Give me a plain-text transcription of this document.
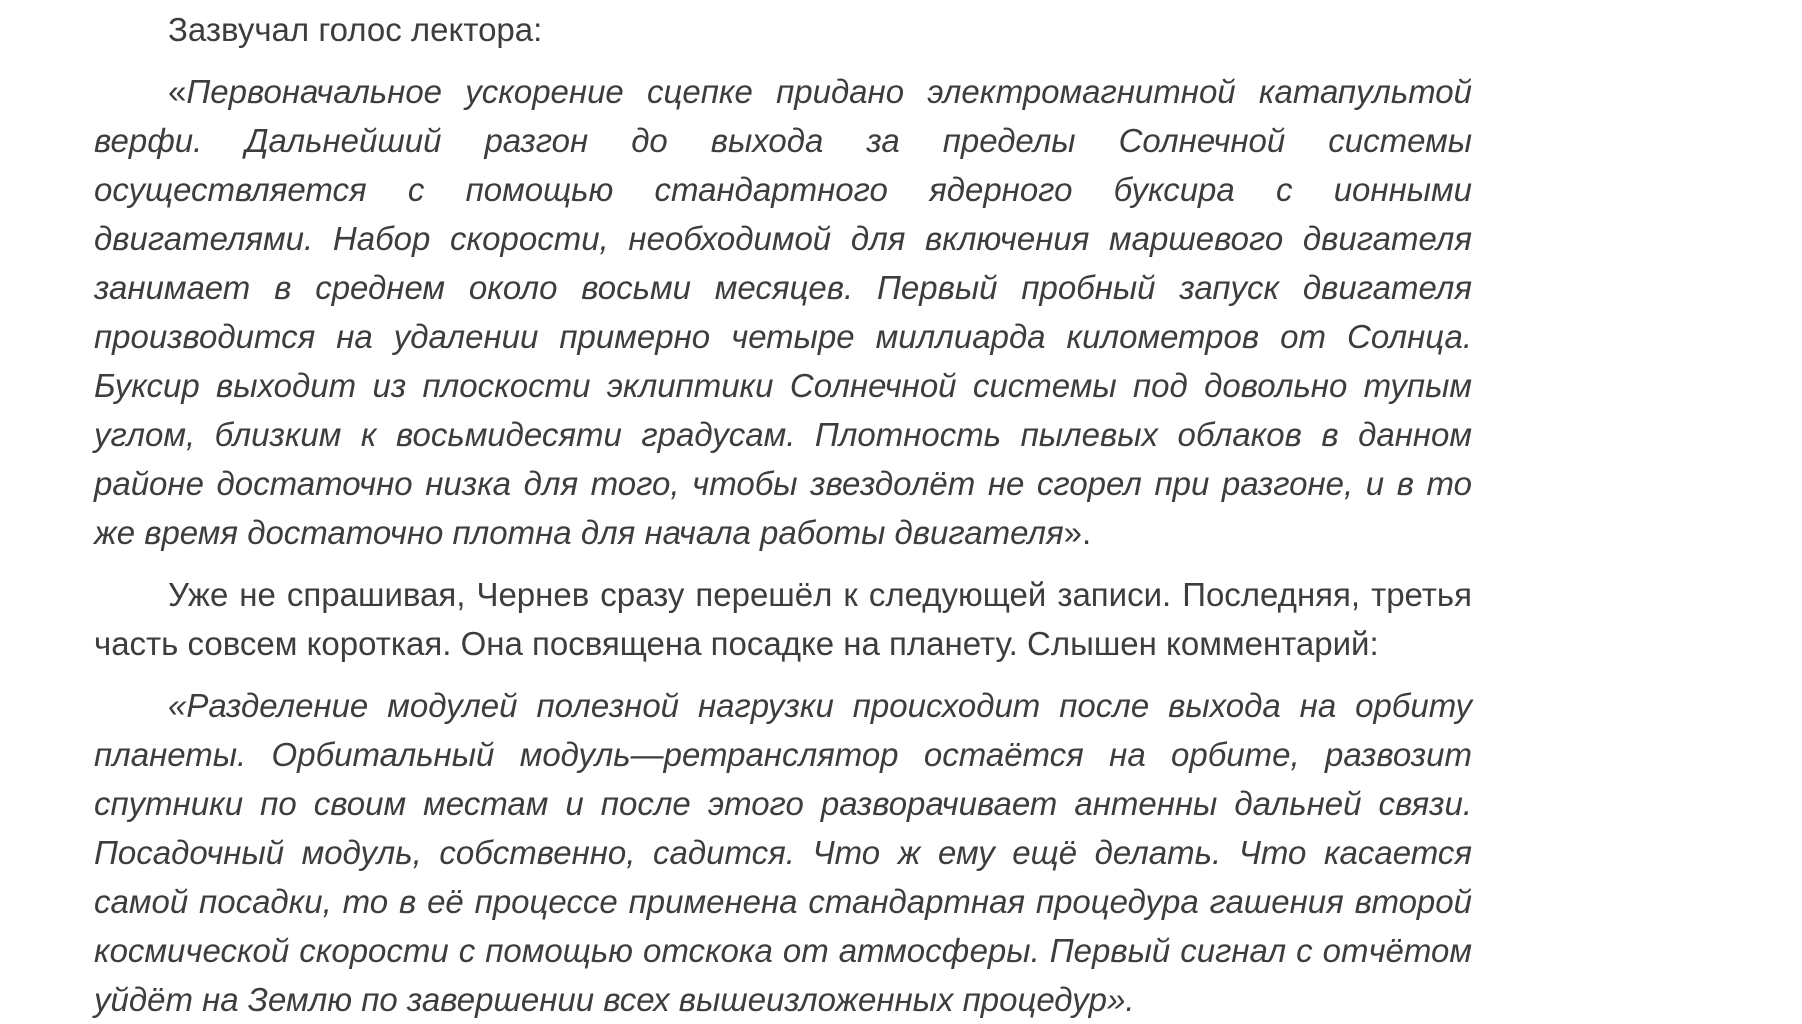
Зазвучал голос лектора:

«Первоначальное ускорение сцепке придано электромагнитной катапультой верфи. Дальнейший разгон до выхода за пределы Солнечной системы осуществляется с помощью стандартного ядерного буксира с ионными двигателями. Набор скорости, необходимой для включения маршевого двигателя занимает в среднем около восьми месяцев. Первый пробный запуск двигателя производится на удалении примерно четыре миллиарда километров от Солнца. Буксир выходит из плоскости эклиптики Солнечной системы под довольно тупым углом, близким к восьмидесяти градусам. Плотность пылевых облаков в данном районе достаточно низка для того, чтобы звездолёт не сгорел при разгоне, и в то же время достаточно плотна для начала работы двигателя».

Уже не спрашивая, Чернев сразу перешёл к следующей записи. Последняя, третья часть совсем короткая. Она посвящена посадке на планету. Слышен комментарий:

«Разделение модулей полезной нагрузки происходит после выхода на орбиту планеты. Орбитальный модуль—ретранслятор остаётся на орбите, развозит спутники по своим местам и после этого разворачивает антенны дальней связи. Посадочный модуль, собственно, садится. Что ж ему ещё делать. Что касается самой посадки, то в её процессе применена стандартная процедура гашения второй космической скорости с помощью отскока от атмосферы. Первый сигнал с отчётом уйдёт на Землю по завершении всех вышеизложенных процедур».
